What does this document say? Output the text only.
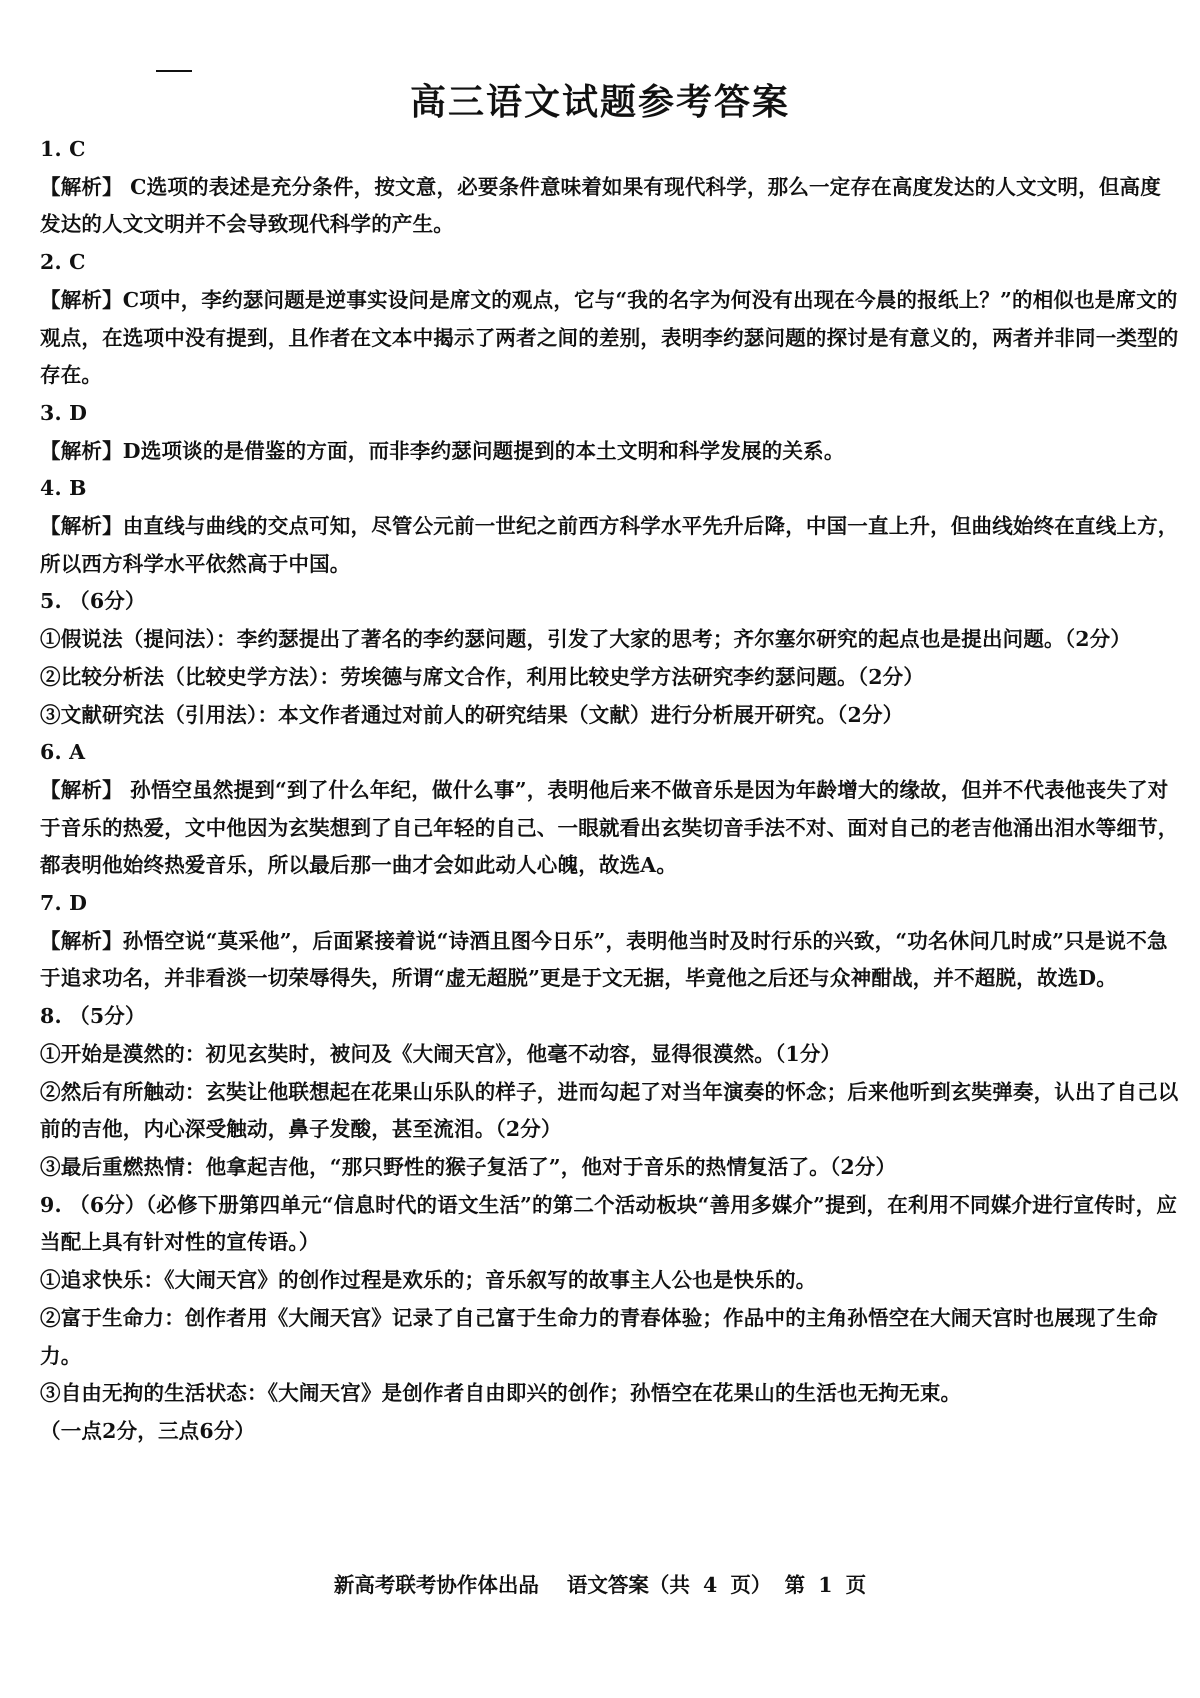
高三语文试题参考答案
1. C
【解析】 C选项的表述是充分条件，按文意，必要条件意味着如果有现代科学，那么一定存在高度发达的人文文明，但高度发达的人文文明并不会导致现代科学的产生。
2. C
【解析】C项中，李约瑟问题是逆事实设问是席文的观点，它与“我的名字为何没有出现在今晨的报纸上？”的相似也是席文的观点，在选项中没有提到，且作者在文本中揭示了两者之间的差别，表明李约瑟问题的探讨是有意义的，两者并非同一类型的存在。
3. D
【解析】D选项谈的是借鉴的方面，而非李约瑟问题提到的本土文明和科学发展的关系。
4. B
【解析】由直线与曲线的交点可知，尽管公元前一世纪之前西方科学水平先升后降，中国一直上升，但曲线始终在直线上方，所以西方科学水平依然高于中国。
5. （6分）
①假说法（提问法）：李约瑟提出了著名的李约瑟问题，引发了大家的思考；齐尔塞尔研究的起点也是提出问题。（2分）
②比较分析法（比较史学方法）：劳埃德与席文合作，利用比较史学方法研究李约瑟问题。（2分）
③文献研究法（引用法）：本文作者通过对前人的研究结果（文献）进行分析展开研究。（2分）
6. A
【解析】 孙悟空虽然提到“到了什么年纪，做什么事”，表明他后来不做音乐是因为年龄增大的缘故，但并不代表他丧失了对于音乐的热爱，文中他因为玄奘想到了自己年轻的自己、一眼就看出玄奘切音手法不对、面对自己的老吉他涌出泪水等细节，都表明他始终热爱音乐，所以最后那一曲才会如此动人心魄，故选A。
7. D
【解析】孙悟空说“莫采他”，后面紧接着说“诗酒且图今日乐”，表明他当时及时行乐的兴致，“功名休问几时成”只是说不急于追求功名，并非看淡一切荣辱得失，所谓“虚无超脱”更是于文无据，毕竟他之后还与众神酣战，并不超脱，故选D。
8. （5分）
①开始是漠然的：初见玄奘时，被问及《大闹天宫》，他毫不动容，显得很漠然。（1分）
②然后有所触动：玄奘让他联想起在花果山乐队的样子，进而勾起了对当年演奏的怀念；后来他听到玄奘弹奏，认出了自己以前的吉他，内心深受触动，鼻子发酸，甚至流泪。（2分）
③最后重燃热情：他拿起吉他，“那只野性的猴子复活了”，他对于音乐的热情复活了。（2分）
9. （6分）（必修下册第四单元“信息时代的语文生活”的第二个活动板块“善用多媒介”提到，在利用不同媒介进行宣传时，应当配上具有针对性的宣传语。）
①追求快乐：《大闹天宫》的创作过程是欢乐的；音乐叙写的故事主人公也是快乐的。
②富于生命力：创作者用《大闹天宫》记录了自己富于生命力的青春体验；作品中的主角孙悟空在大闹天宫时也展现了生命力。
③自由无拘的生活状态：《大闹天宫》是创作者自由即兴的创作；孙悟空在花果山的生活也无拘无束。
（一点2分，三点6分）
新高考联考协作体出品 语文答案（共 4 页） 第 1 页
